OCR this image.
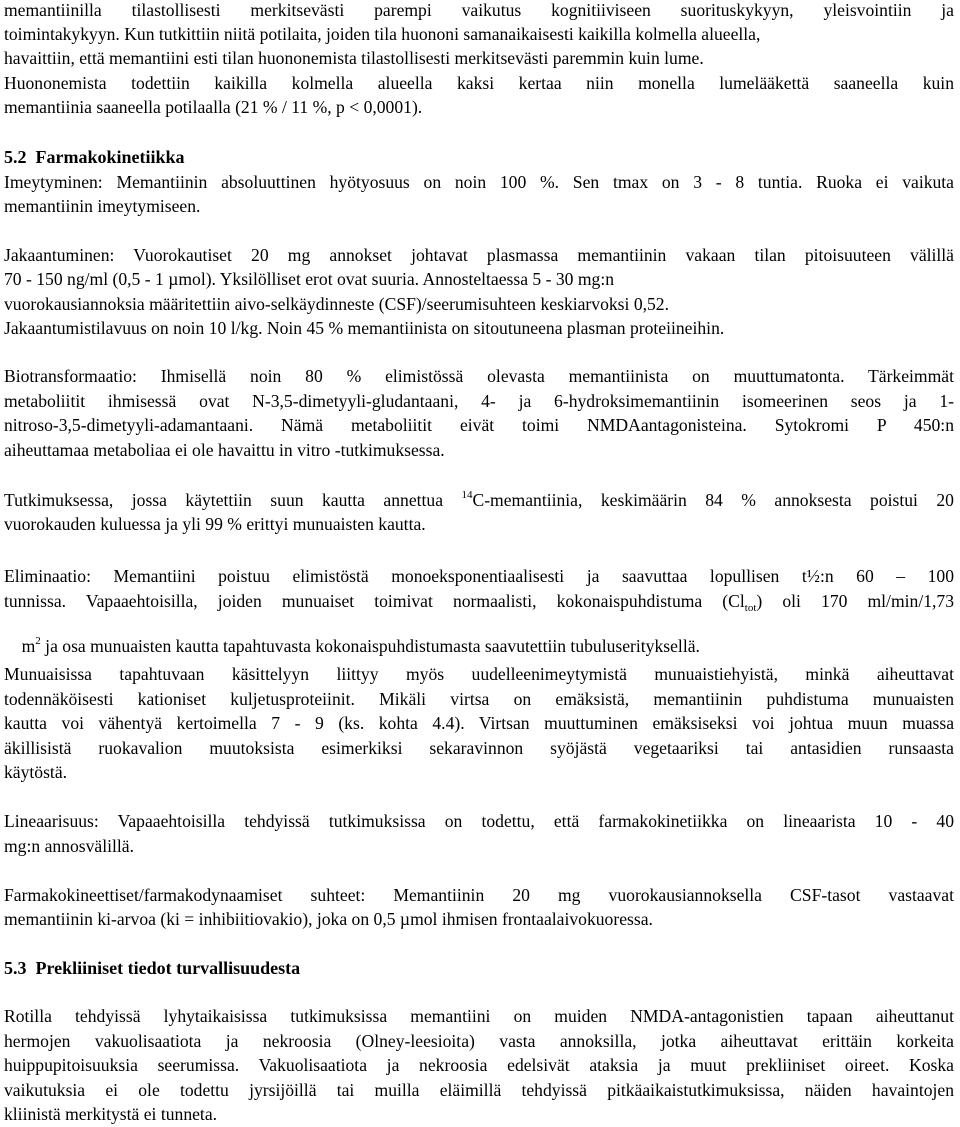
memantiinilla tilastollisesti merkitsevästi parempi vaikutus kognitiiviseen suorituskykyyn, yleisvointiin ja
toimintakykyyn. Kun tutkittiin niitä potilaita, joiden tila huononi samanaikaisesti kaikilla kolmella alueella,
havaittiin, että memantiini esti tilan huononemista tilastollisesti merkitsevästi paremmin kuin lume.
Huononemista todettiin kaikilla kolmella alueella kaksi kertaa niin monella lumelääkettä saaneella kuin
memantiinia saaneella potilaalla (21 % / 11 %, p < 0,0001).
5.2  Farmakokinetiikka
Imeytyminen: Memantiinin absoluuttinen hyötyosuus on noin 100 %. Sen tmax on 3 - 8 tuntia. Ruoka ei vaikuta
memantiinin imeytymiseen.
Jakaantuminen: Vuorokautiset 20 mg annokset johtavat plasmassa memantiinin vakaan tilan pitoisuuteen välillä
70 - 150 ng/ml (0,5 - 1 µmol). Yksilölliset erot ovat suuria. Annosteltaessa 5 - 30 mg:n
vuorokausiannoksia määritettiin aivo-selkäydinneste (CSF)/seerumisuhteen keskiarvoksi 0,52.
Jakaantumistilavuus on noin 10 l/kg. Noin 45 % memantiinista on sitoutuneena plasman proteiineihin.
Biotransformaatio: Ihmisellä noin 80 % elimistössä olevasta memantiinista on muuttumatonta. Tärkeimmät
metaboliitit ihmisessä ovat N-3,5-dimetyyli-gludantaani, 4- ja 6-hydroksimemantiinin isomeerinen seos ja 1-
nitroso-3,5-dimetyyli-adamantaani. Nämä metaboliitit eivät toimi NMDAantagonisteina. Sytokromi P 450:n
aiheuttamaa metaboliaa ei ole havaittu in vitro -tutkimuksessa.
Tutkimuksessa, jossa käytettiin suun kautta annettua $^{14}$C-memantiinia, keskimäärin 84 % annoksesta poistui 20
vuorokauden kuluessa ja yli 99 % erittyi munuaisten kautta.
Eliminaatio: Memantiini poistuu elimistöstä monoeksponentiaalisesti ja saavuttaa lopullisen t½:n 60 – 100
tunnissa. Vapaaehtoisilla, joiden munuaiset toimivat normaalisti, kokonaispuhdistuma $(Cl_{tot})$ oli 170 ml/min/1,73

$m^2$ ja osa munuaisten kautta tapahtuvasta kokonaispuhdistumasta saavutettiin tubuluserityksellä.

Munuaisissa tapahtuvaan käsittelyyn liittyy myös uudelleenimeytymistä munuaistiehyistä, minkä aiheuttavat
todennäköisesti kationiset kuljetusproteiinit. Mikäli virtsa on emäksistä, memantiinin puhdistuma munuaisten
kautta voi vähentyä kertoimella 7 - 9 (ks. kohta 4.4). Virtsan muuttuminen emäksiseksi voi johtua muun muassa
äkillisistä ruokavalion muutoksista esimerkiksi sekaravinnon syöjästä vegetaariksi tai antasidien runsaasta
käytöstä.
Lineaarisuus: Vapaaehtoisilla tehdyissä tutkimuksissa on todettu, että farmakokinetiikka on lineaarista 10 - 40
mg:n annosvälillä.
Farmakokineettiset/farmakodynaamiset suhteet: Memantiinin 20 mg vuorokausiannoksella CSF-tasot vastaavat
memantiinin ki-arvoa (ki = inhibiitiovakio), joka on 0,5 µmol ihmisen frontaalaivokuoressa.
5.3  Prekliiniset tiedot turvallisuudesta
Rotilla tehdyissä lyhytaikaisissa tutkimuksissa memantiini on muiden NMDA-antagonistien tapaan aiheuttanut
hermojen vakuolisaatiota ja nekroosia (Olney-leesioita) vasta annoksilla, jotka aiheuttavat erittäin korkeita
huippupitoisuuksia seerumissa. Vakuolisaatiota ja nekroosia edelsivät ataksia ja muut prekliiniset oireet. Koska
vaikutuksia ei ole todettu jyrsijöillä tai muilla eläimillä tehdyissä pitkäaikaistutkimuksissa, näiden havaintojen
kliinistä merkitystä ei tunneta.
